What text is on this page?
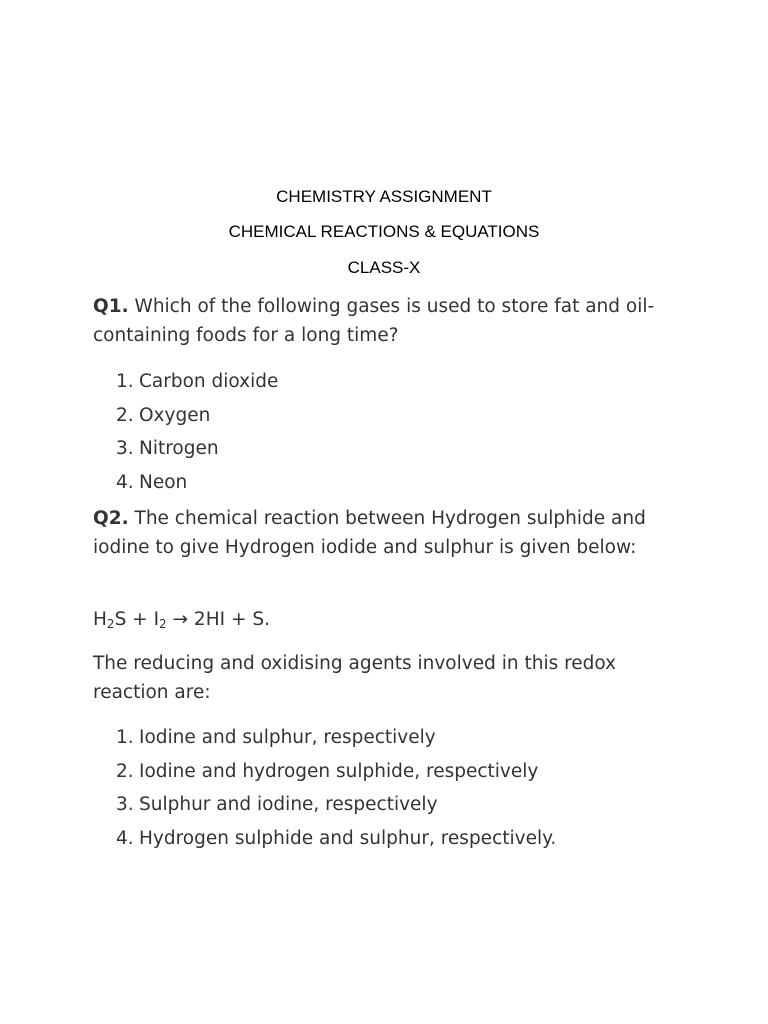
CHEMISTRY ASSIGNMENT
CHEMICAL REACTIONS & EQUATIONS
CLASS-X

Q1. Which of the following gases is used to store fat and oil-containing foods for a long time?

1. Carbon dioxide
2. Oxygen
3. Nitrogen
4. Neon

Q2. The chemical reaction between Hydrogen sulphide and iodine to give Hydrogen iodide and sulphur is given below:

$H_2S + I_2 \to 2HI + S$.

The reducing and oxidising agents involved in this redox reaction are:

1. Iodine and sulphur, respectively
2. Iodine and hydrogen sulphide, respectively
3. Sulphur and iodine, respectively
4. Hydrogen sulphide and sulphur, respectively.
